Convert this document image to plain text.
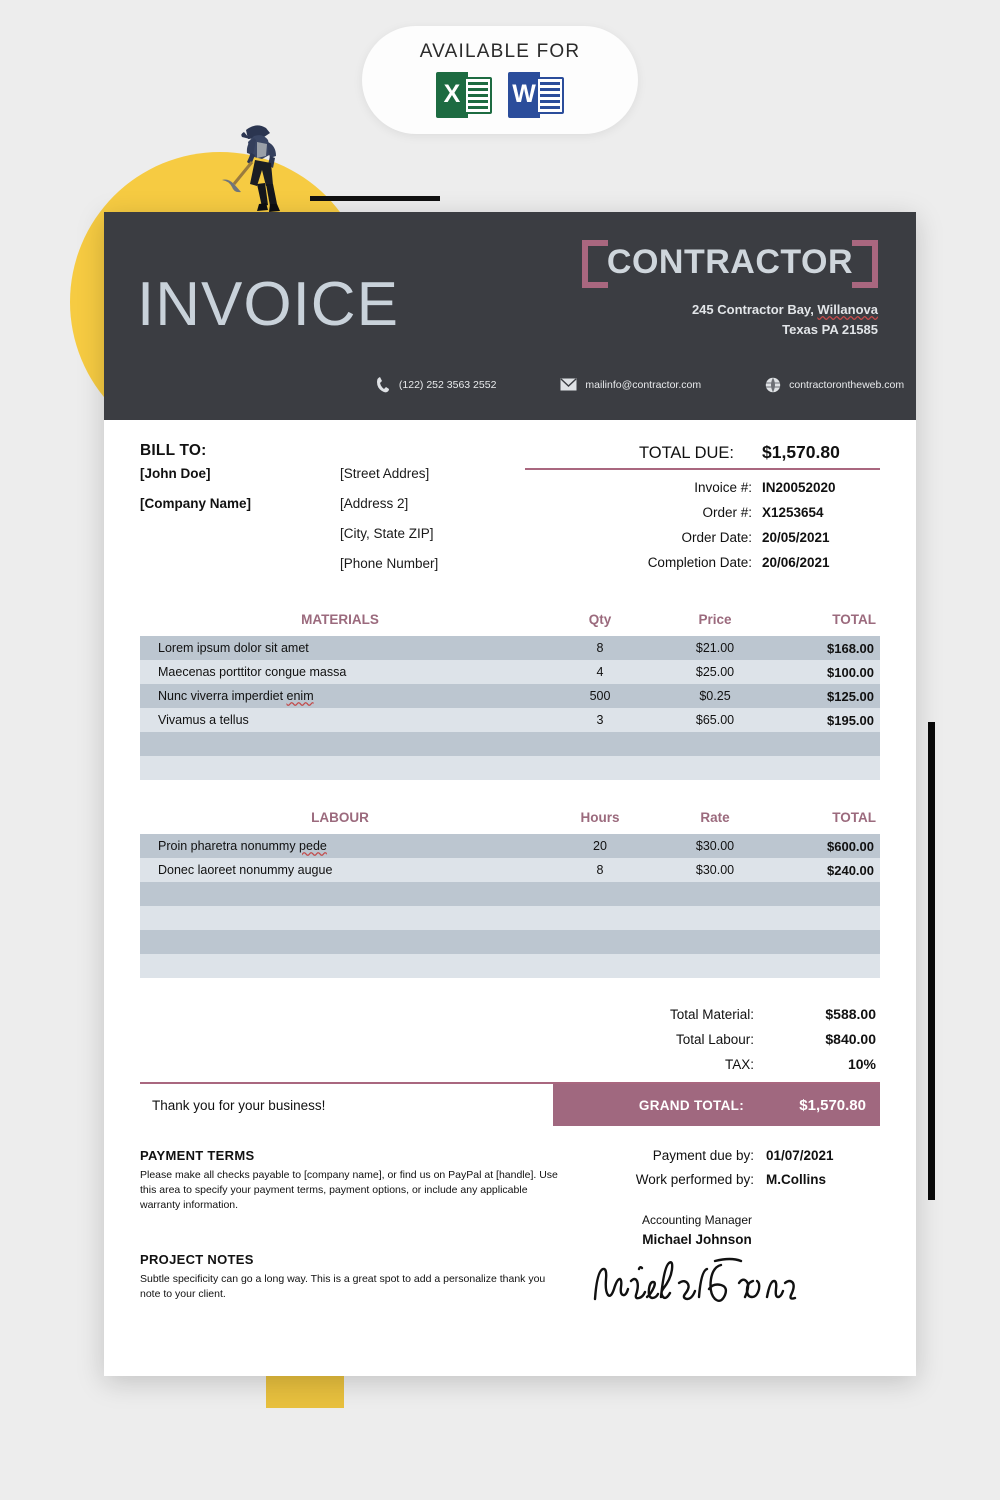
AVAILABLE FOR
X	W
INVOICE
CONTRACTOR
245 Contractor Bay, Willanova
Texas PA 21585
(122) 252 3563 2552	mailinfo@contractor.com	contractorontheweb.com
BILL TO:
[John Doe]
[Company Name]
[Street Addres]
[Address 2]
[City, State ZIP]
[Phone Number]
TOTAL DUE: $1,570.80
Invoice #: IN20052020
Order #: X1253654
Order Date: 20/05/2021
Completion Date: 20/06/2021
MATERIALS	Qty	Price	TOTAL
Lorem ipsum dolor sit amet	8	$21.00	$168.00
Maecenas porttitor congue massa	4	$25.00	$100.00
Nunc viverra imperdiet enim	500	$0.25	$125.00
Vivamus a tellus	3	$65.00	$195.00
LABOUR	Hours	Rate	TOTAL
Proin pharetra nonummy pede	20	$30.00	$600.00
Donec laoreet nonummy augue	8	$30.00	$240.00
Total Material:	$588.00
Total Labour:	$840.00
TAX:	10%
Thank you for your business!	GRAND TOTAL:	$1,570.80
PAYMENT TERMS

Please make all checks payable to [company name], or find us on PayPal at [handle]. Use this area to specify your payment terms, payment options, or include any applicable warranty information.

PROJECT NOTES

Subtle specificity can go a long way. This is a great spot to add a personalize thank you note to your client.

Payment due by: 01/07/2021
Work performed by: M.Collins
Accounting Manager
Michael Johnson
